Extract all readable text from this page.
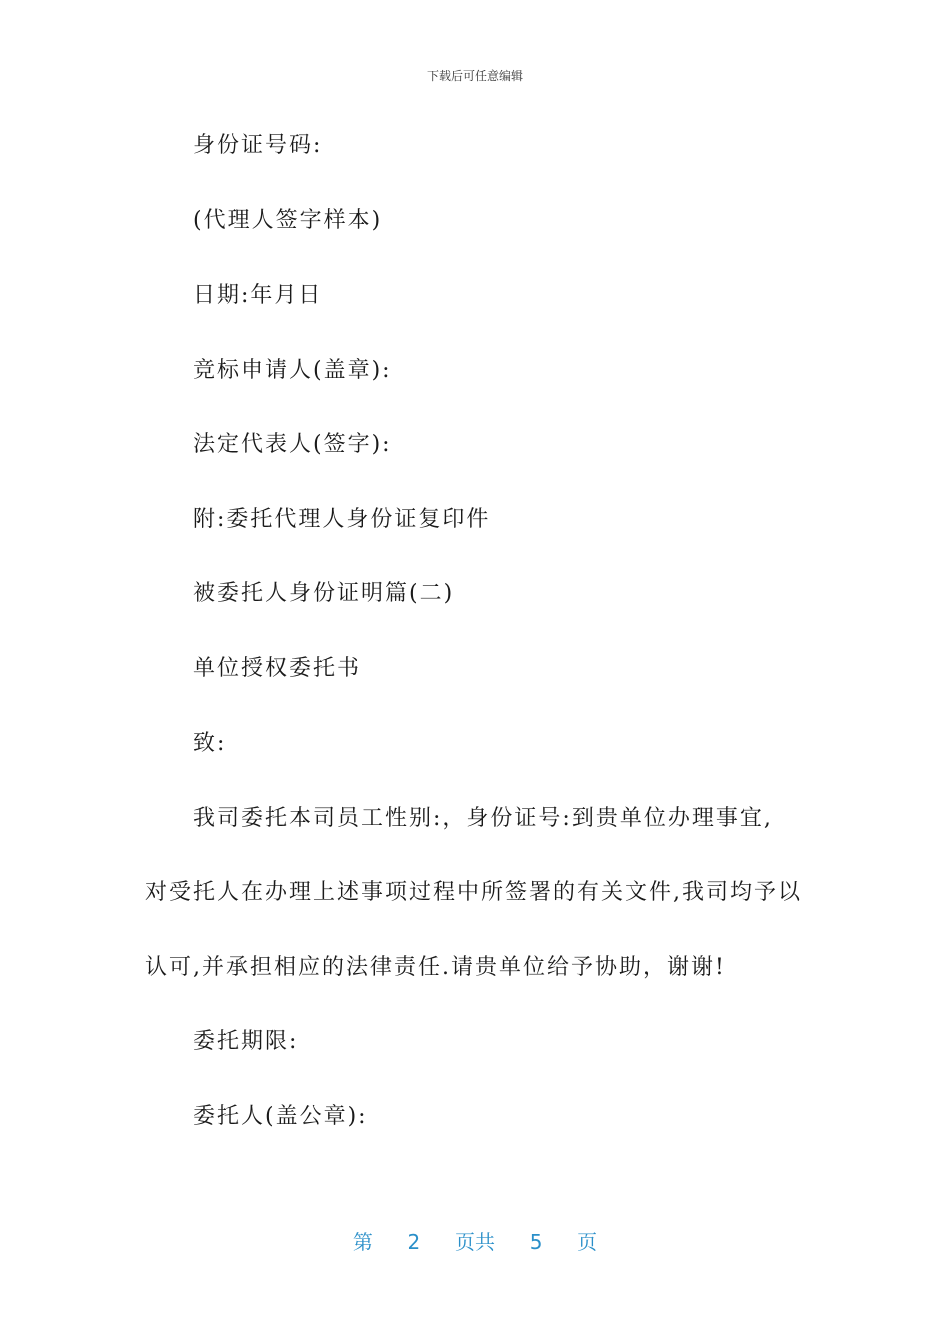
下载后可任意编辑
身份证号码:
(代理人签字样本)
日期:年月日
竞标申请人(盖章):
法定代表人(签字):
附:委托代理人身份证复印件
被委托人身份证明篇(二)
单位授权委托书
致:
我司委托本司员工性别:，身份证号:到贵单位办理事宜,
对受托人在办理上述事项过程中所签署的有关文件,我司均予以
认可,并承担相应的法律责任.请贵单位给予协助，谢谢!
委托期限:
委托人(盖公章):
第 2 页共 5 页
